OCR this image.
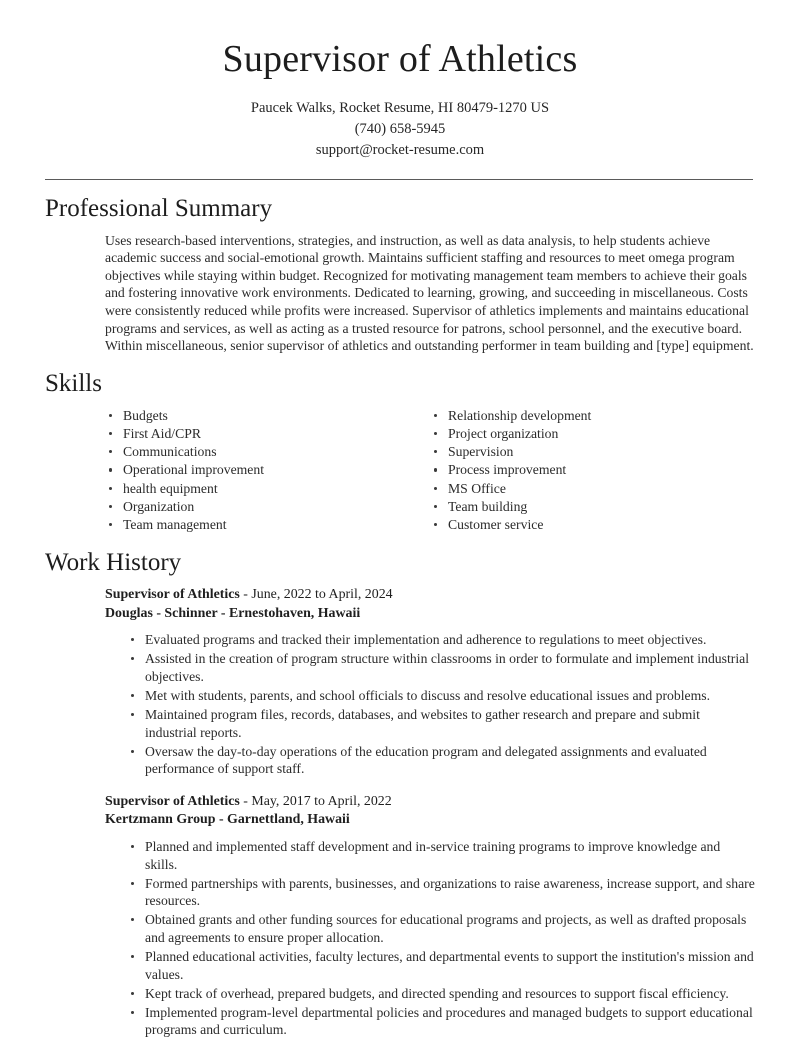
Supervisor of Athletics
Paucek Walks, Rocket Resume, HI 80479-1270 US
(740) 658-5945
support@rocket-resume.com
Professional Summary

Uses research-based interventions, strategies, and instruction, as well as data analysis, to help students achieve academic success and social-emotional growth. Maintains sufficient staffing and resources to meet omega program objectives while staying within budget. Recognized for motivating management team members to achieve their goals and fostering innovative work environments. Dedicated to learning, growing, and succeeding in miscellaneous. Costs were consistently reduced while profits were increased. Supervisor of athletics implements and maintains educational programs and services, as well as acting as a trusted resource for patrons, school personnel, and the executive board. Within miscellaneous, senior supervisor of athletics and outstanding performer in team building and [type] equipment.

Skills
Budgets
First Aid/CPR
Communications
Operational improvement
health equipment
Organization
Team management
Relationship development
Project organization
Supervision
Process improvement
MS Office
Team building
Customer service
Work History
Supervisor of Athletics - June, 2022 to April, 2024
Douglas - Schinner - Ernestohaven, Hawaii
Evaluated programs and tracked their implementation and adherence to regulations to meet objectives.
Assisted in the creation of program structure within classrooms in order to formulate and implement industrial objectives.
Met with students, parents, and school officials to discuss and resolve educational issues and problems.
Maintained program files, records, databases, and websites to gather research and prepare and submit industrial reports.
Oversaw the day-to-day operations of the education program and delegated assignments and evaluated performance of support staff.
Supervisor of Athletics - May, 2017 to April, 2022
Kertzmann Group - Garnettland, Hawaii
Planned and implemented staff development and in-service training programs to improve knowledge and skills.
Formed partnerships with parents, businesses, and organizations to raise awareness, increase support, and share resources.
Obtained grants and other funding sources for educational programs and projects, as well as drafted proposals and agreements to ensure proper allocation.
Planned educational activities, faculty lectures, and departmental events to support the institution's mission and values.
Kept track of overhead, prepared budgets, and directed spending and resources to support fiscal efficiency.
Implemented program-level departmental policies and procedures and managed budgets to support educational programs and curriculum.
